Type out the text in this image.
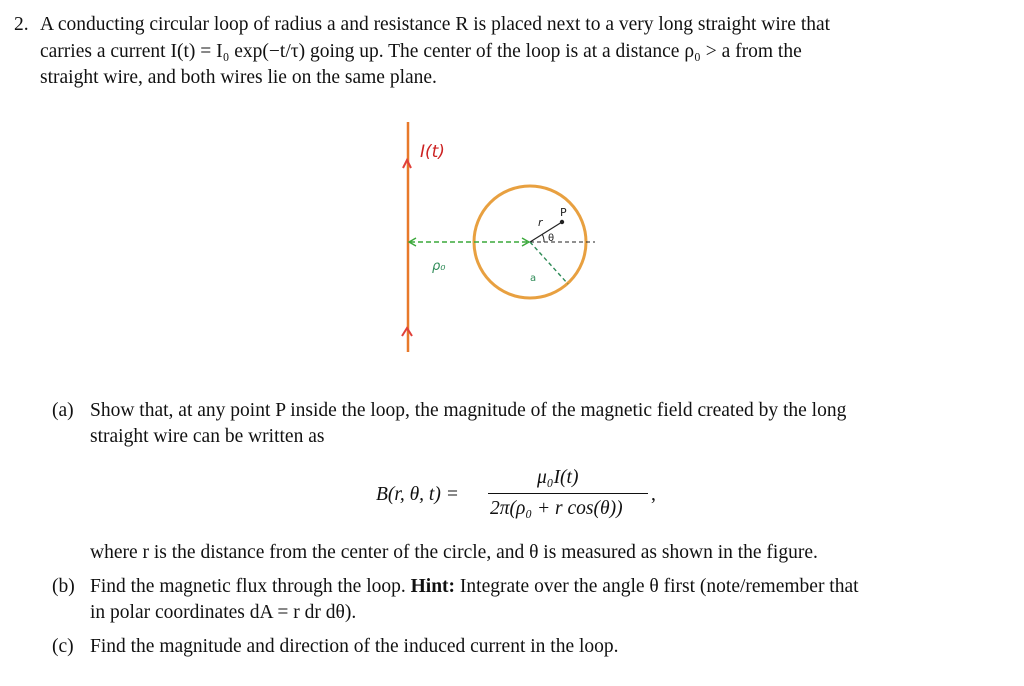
2. A conducting circular loop of radius a and resistance R is placed next to a very long straight wire that
carries a current I(t) = I₀ exp(−t/τ) going up. The center of the loop is at a distance ρ₀ > a from the
straight wire, and both wires lie on the same plane.
I(t)
ρ₀
r
P
θ
a
(a) Show that, at any point P inside the loop, the magnitude of the magnetic field created by the long
straight wire can be written as
B(r, θ, t) =
μ₀I(t)
2π(ρ₀ + r cos(θ))
,
where r is the distance from the center of the circle, and θ is measured as shown in the figure.
(b) Find the magnetic flux through the loop. Hint: Integrate over the angle θ first (note/remember that
in polar coordinates dA = r dr dθ).
(c) Find the magnitude and direction of the induced current in the loop.
